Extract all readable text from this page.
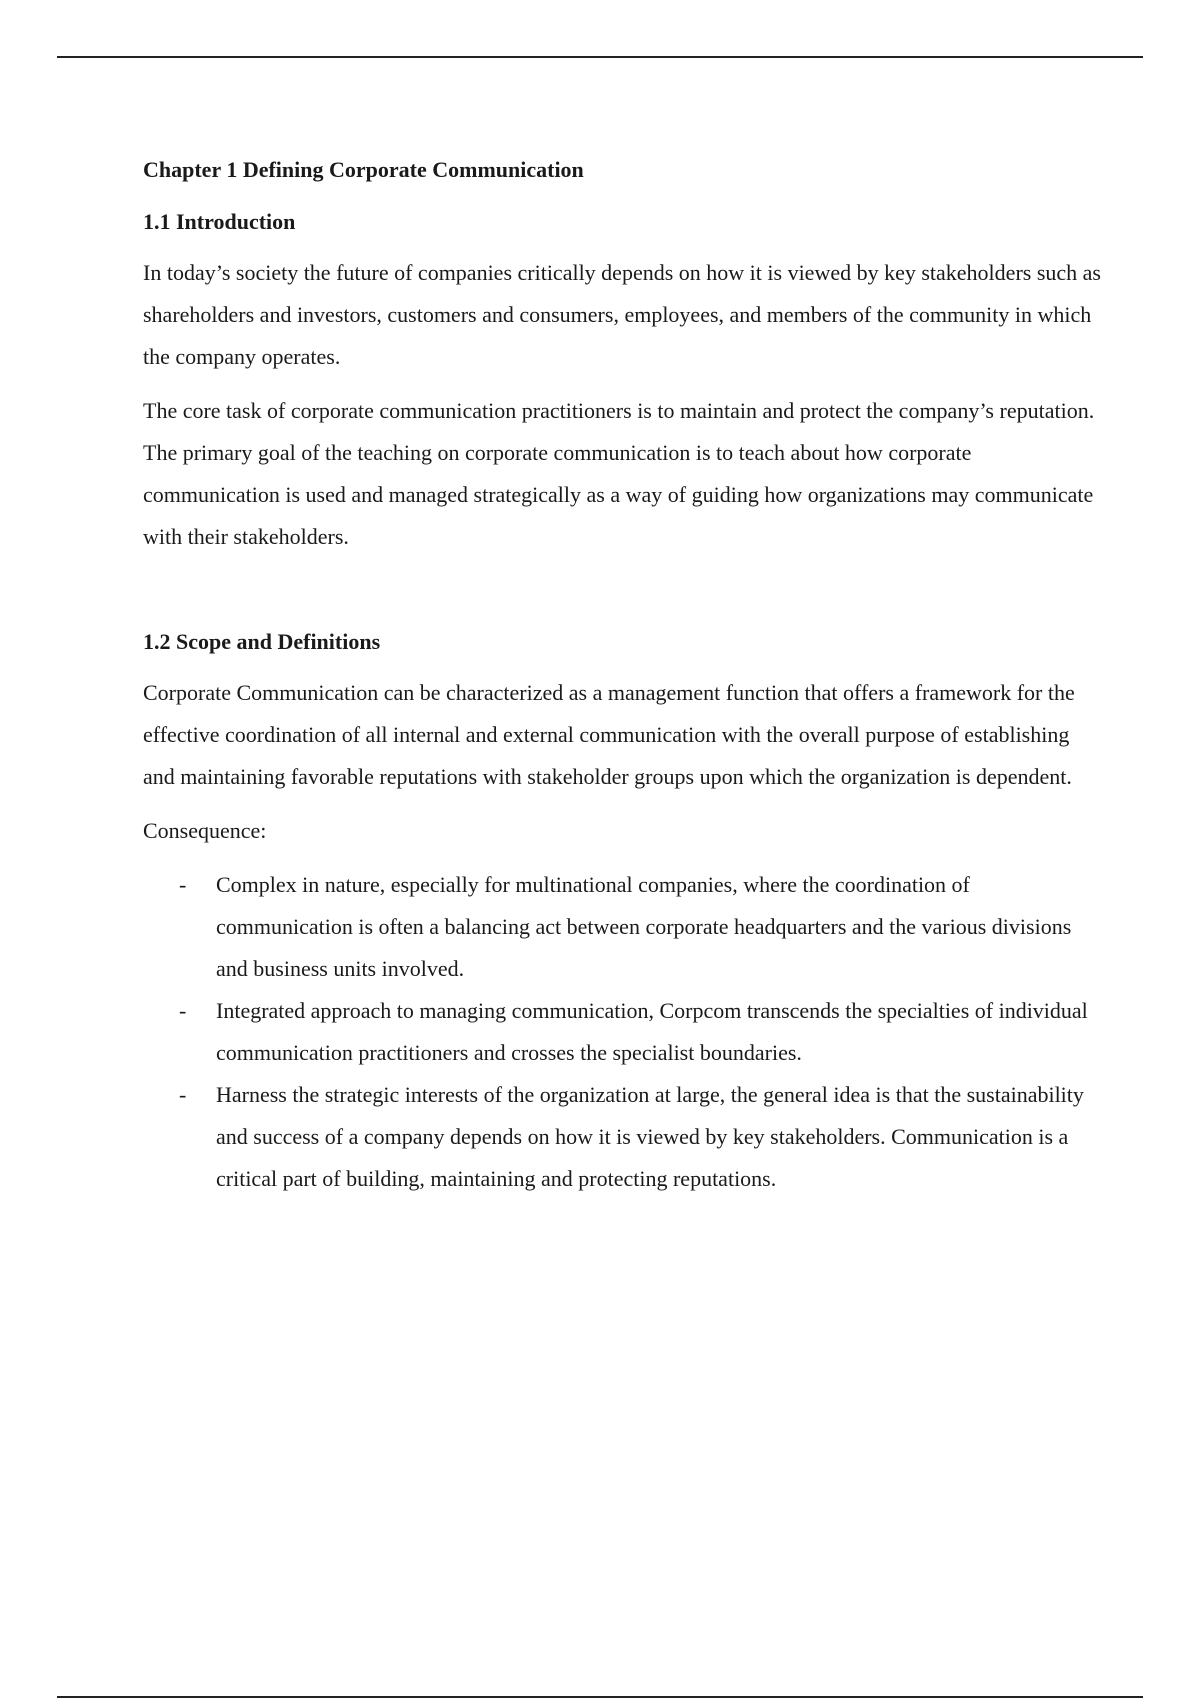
Chapter 1 Defining Corporate Communication
1.1 Introduction

In today’s society the future of companies critically depends on how it is viewed by key stakeholders such as shareholders and investors, customers and consumers, employees, and members of the community in which the company operates.

The core task of corporate communication practitioners is to maintain and protect the company’s reputation. The primary goal of the teaching on corporate communication is to teach about how corporate communication is used and managed strategically as a way of guiding how organizations may communicate with their stakeholders.

1.2 Scope and Definitions

Corporate Communication can be characterized as a management function that offers a framework for the effective coordination of all internal and external communication with the overall purpose of establishing and maintaining favorable reputations with stakeholder groups upon which the organization is dependent.

Consequence:

- Complex in nature, especially for multinational companies, where the coordination of communication is often a balancing act between corporate headquarters and the various divisions and business units involved.
- Integrated approach to managing communication, Corpcom transcends the specialties of individual communication practitioners and crosses the specialist boundaries.
- Harness the strategic interests of the organization at large, the general idea is that the sustainability and success of a company depends on how it is viewed by key stakeholders. Communication is a critical part of building, maintaining and protecting reputations.
